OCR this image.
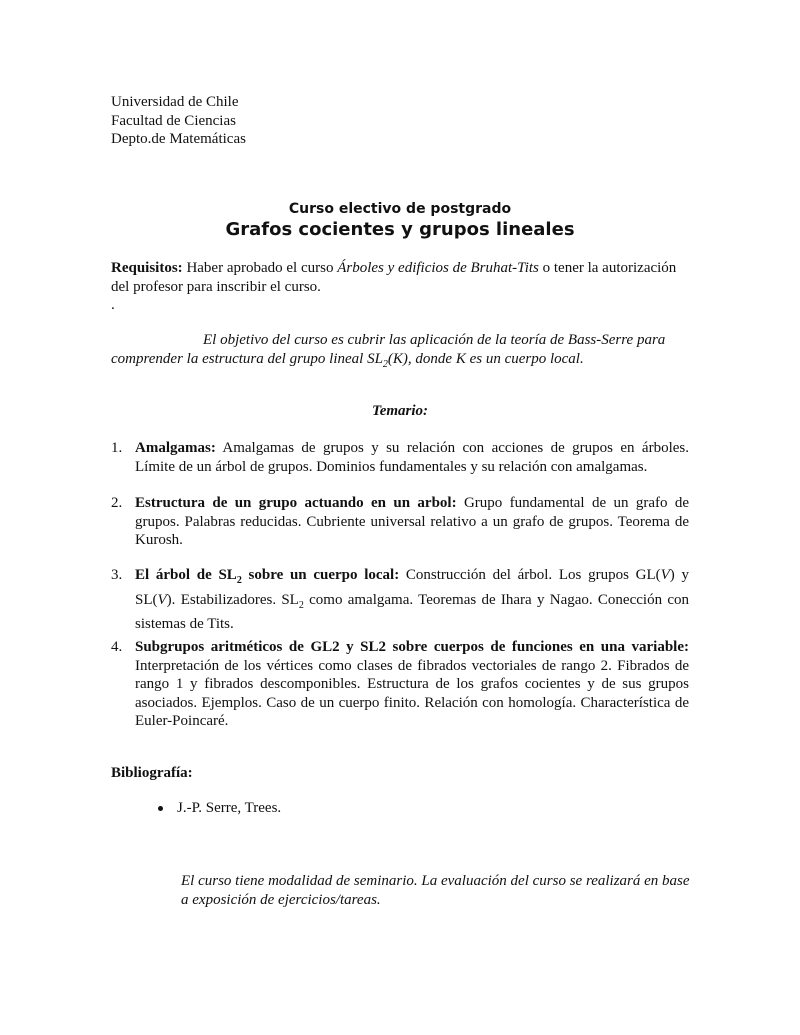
Universidad de Chile
Facultad de Ciencias
Depto.de Matemáticas
Curso electivo de postgrado
Grafos cocientes y grupos lineales
Requisitos: Haber aprobado el curso Árboles y edificios de Bruhat-Tits o tener la autorización del profesor para inscribir el curso.
.
El objetivo del curso es cubrir las aplicación de la teoría de Bass-Serre para
comprender la estructura del grupo lineal $SL_2(K)$, donde K es un cuerpo local.
Temario:
1. Amalgamas: Amalgamas de grupos y su relación con acciones de grupos en árboles. Límite de un árbol de grupos. Dominios fundamentales y su relación con amalgamas.
2. Estructura de un grupo actuando en un arbol: Grupo fundamental de un grafo de grupos. Palabras reducidas. Cubriente universal relativo a un grafo de grupos. Teorema de Kurosh.
3. El árbol de $SL_2$ sobre un cuerpo local: Construcción del árbol. Los grupos GL(V) y SL(V). Estabilizadores. $SL_2$ como amalgama. Teoremas de Ihara y Nagao. Conección con sistemas de Tits.
4. Subgrupos aritméticos de GL2 y SL2 sobre cuerpos de funciones en una variable: Interpretación de los vértices como clases de fibrados vectoriales de rango 2. Fibrados de rango 1 y fibrados descomponibles. Estructura de los grafos cocientes y de sus grupos asociados. Ejemplos. Caso de un cuerpo finito. Relación con homología. Characterística de Euler-Poincaré.
Bibliografía:
J.-P. Serre, Trees.
El curso tiene modalidad de seminario. La evaluación del curso se realizará en base a exposición de ejercicios/tareas.
